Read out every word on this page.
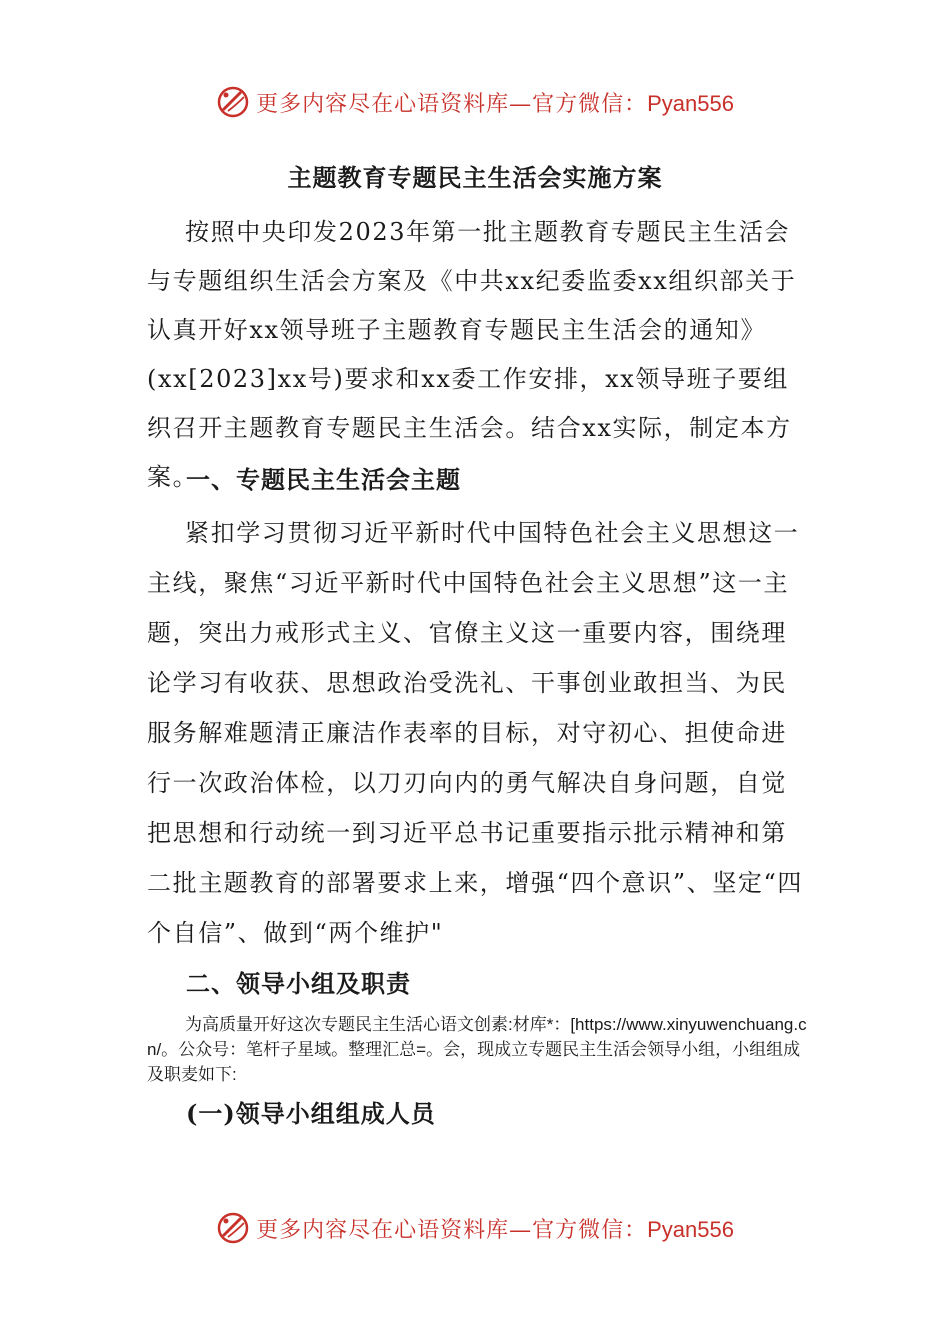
更多内容尽在心语资料库—官方微信：Pyan556
主题教育专题民主生活会实施方案

按照中央印发2023年第一批主题教育专题民主生活会与专题组织生活会方案及《中共xx纪委监委xx组织部关于认真开好xx领导班子主题教育专题民主生活会的通知》(xx[2023]xx号)要求和xx委工作安排，xx领导班子要组织召开主题教育专题民主生活会。结合xx实际，制定本方案。

一、专题民主生活会主题

紧扣学习贯彻习近平新时代中国特色社会主义思想这一主线，聚焦“习近平新时代中国特色社会主义思想”这一主题，突出力戒形式主义、官僚主义这一重要内容，围绕理论学习有收获、思想政治受洗礼、干事创业敢担当、为民服务解难题清正廉洁作表率的目标，对守初心、担使命进行一次政治体检，以刀刃向内的勇气解决自身问题，自觉把思想和行动统一到习近平总书记重要指示批示精神和第二批主题教育的部署要求上来，增强“四个意识”、坚定“四个自信”、做到“两个维护"

二、领导小组及职责

为高质量开好这次专题民主生活心语文创素:材库*：[https://www.xinyuwenchuang.cn/。公众号：笔杆子星域。整理汇总=。会，现成立专题民主生活会领导小组，小组组成及职麦如下:

(一)领导小组组成人员
更多内容尽在心语资料库—官方微信：Pyan556
